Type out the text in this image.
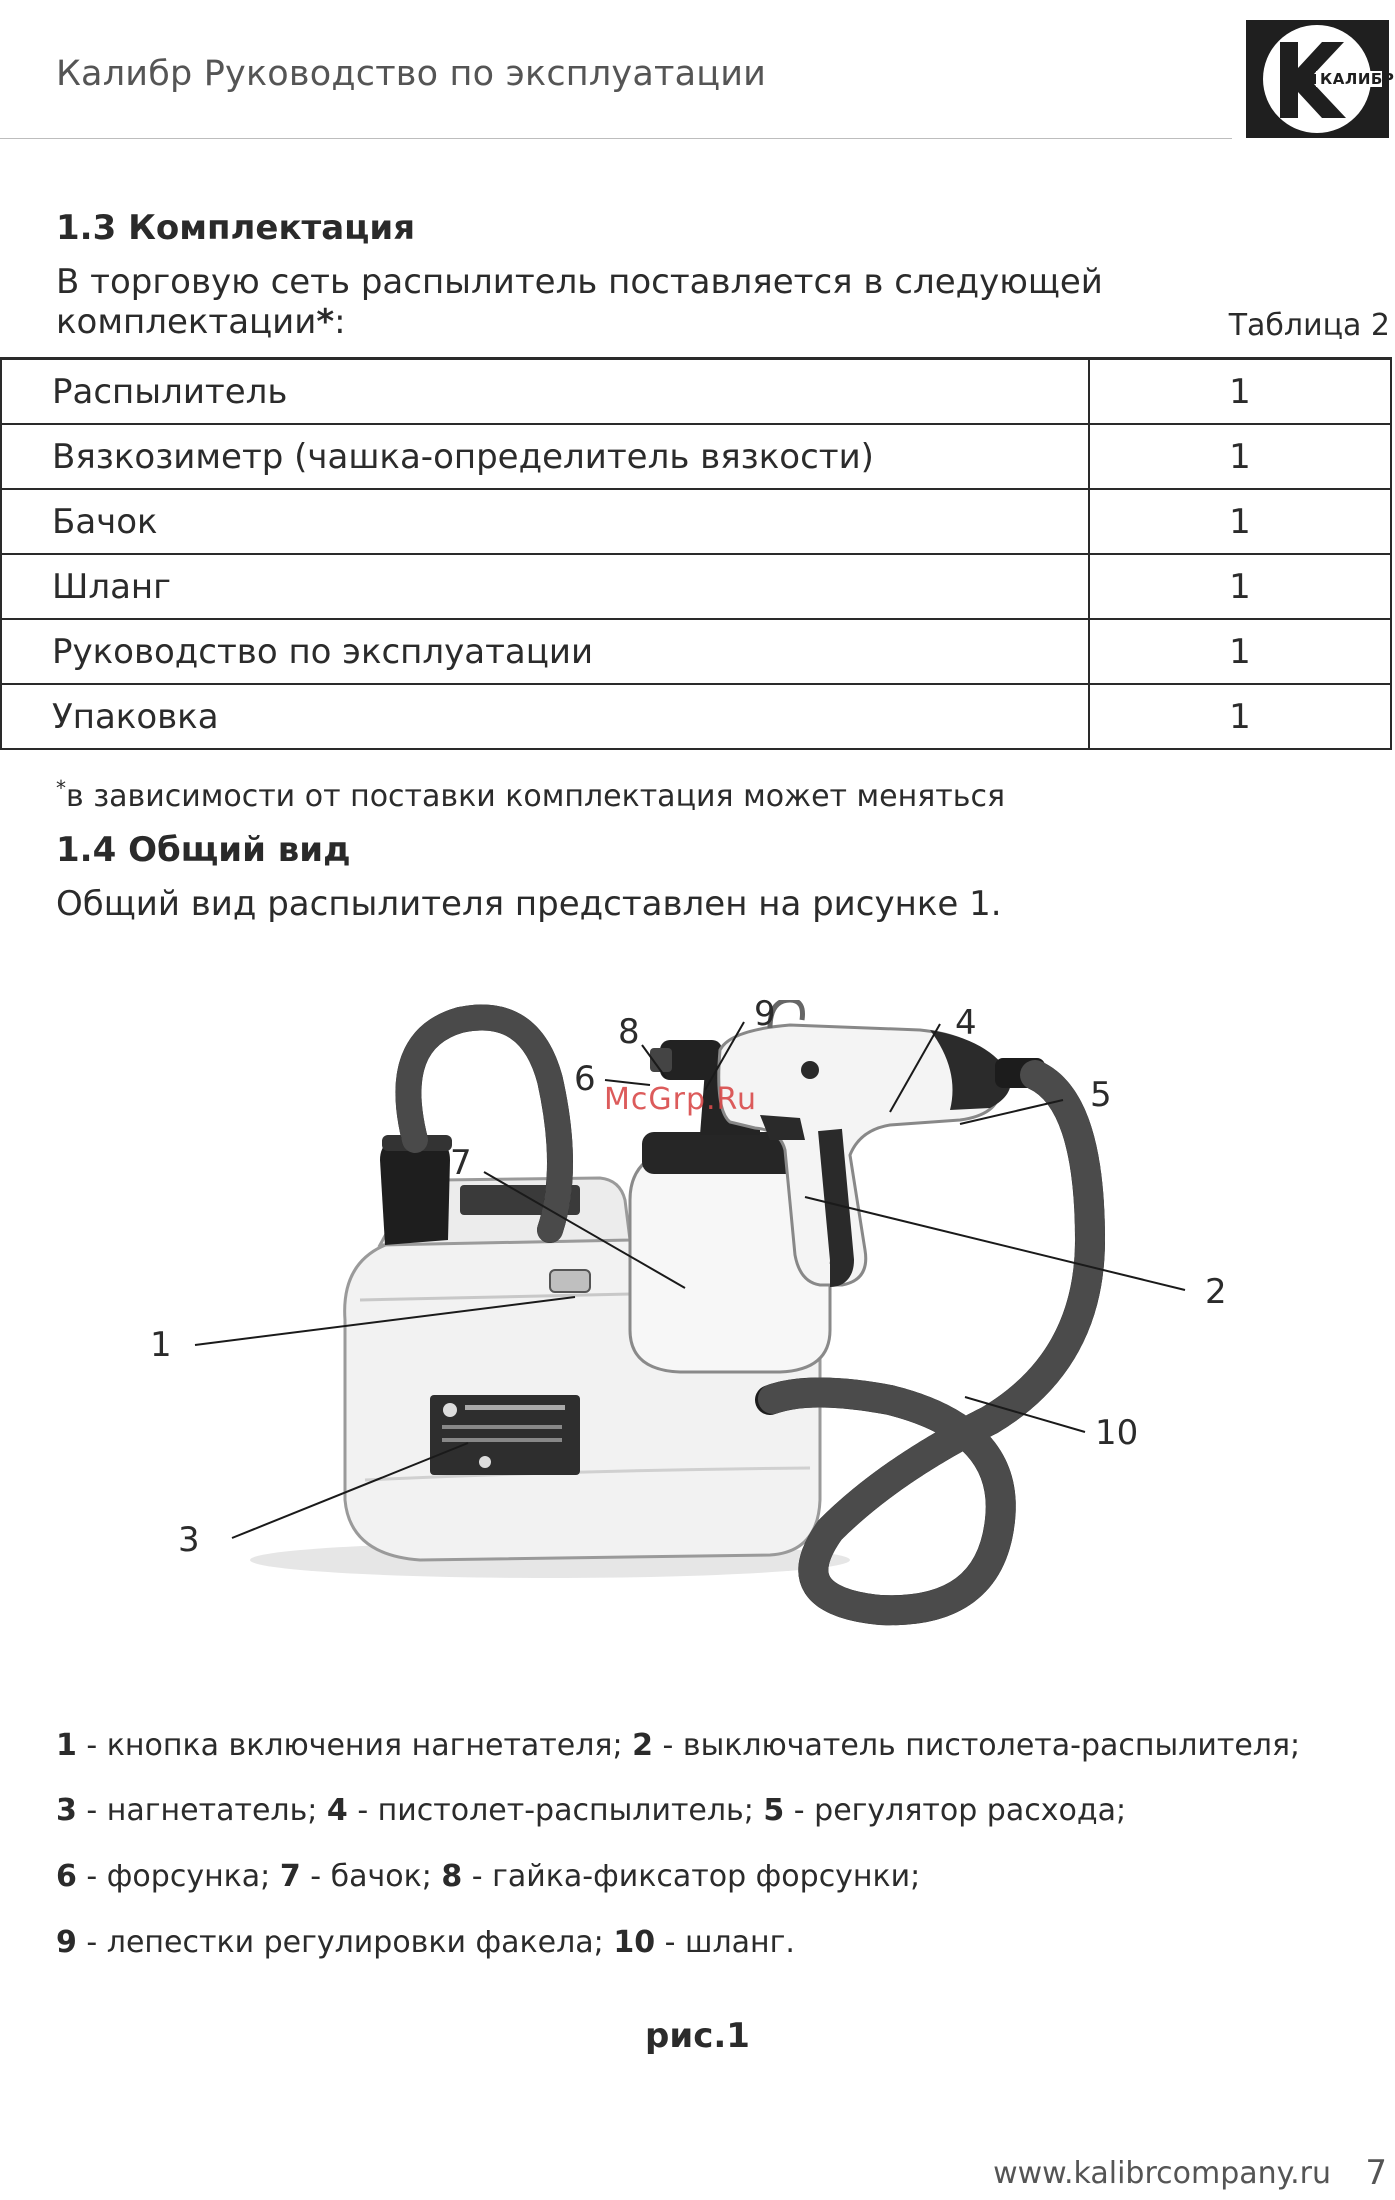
Калибр Руководство по эксплуатации	КАЛИБР
1.3 Комплектация
В торговую сеть распылитель поставляется в следующей комплектации*:	Таблица 2
Распылитель	1
Вязкозиметр (чашка-определитель вязкости)	1
Бачок	1
Шланг	1
Руководство по эксплуатации	1
Упаковка	1
*в зависимости от поставки комплектация может меняться
1.4 Общий вид
Общий вид распылителя представлен на рисунке 1.
McGrp.Ru
1
2
3
4
5
6
7
8	9
10
1 - кнопка включения нагнетателя; 2 - выключатель пистолета-распылителя;
3 - нагнетатель; 4 - пистолет-распылитель; 5 - регулятор расхода;
6 - форсунка; 7 - бачок; 8 - гайка-фиксатор форсунки;
9 - лепестки регулировки факела; 10 - шланг.
рис.1
www.kalibrcompany.ru 7
